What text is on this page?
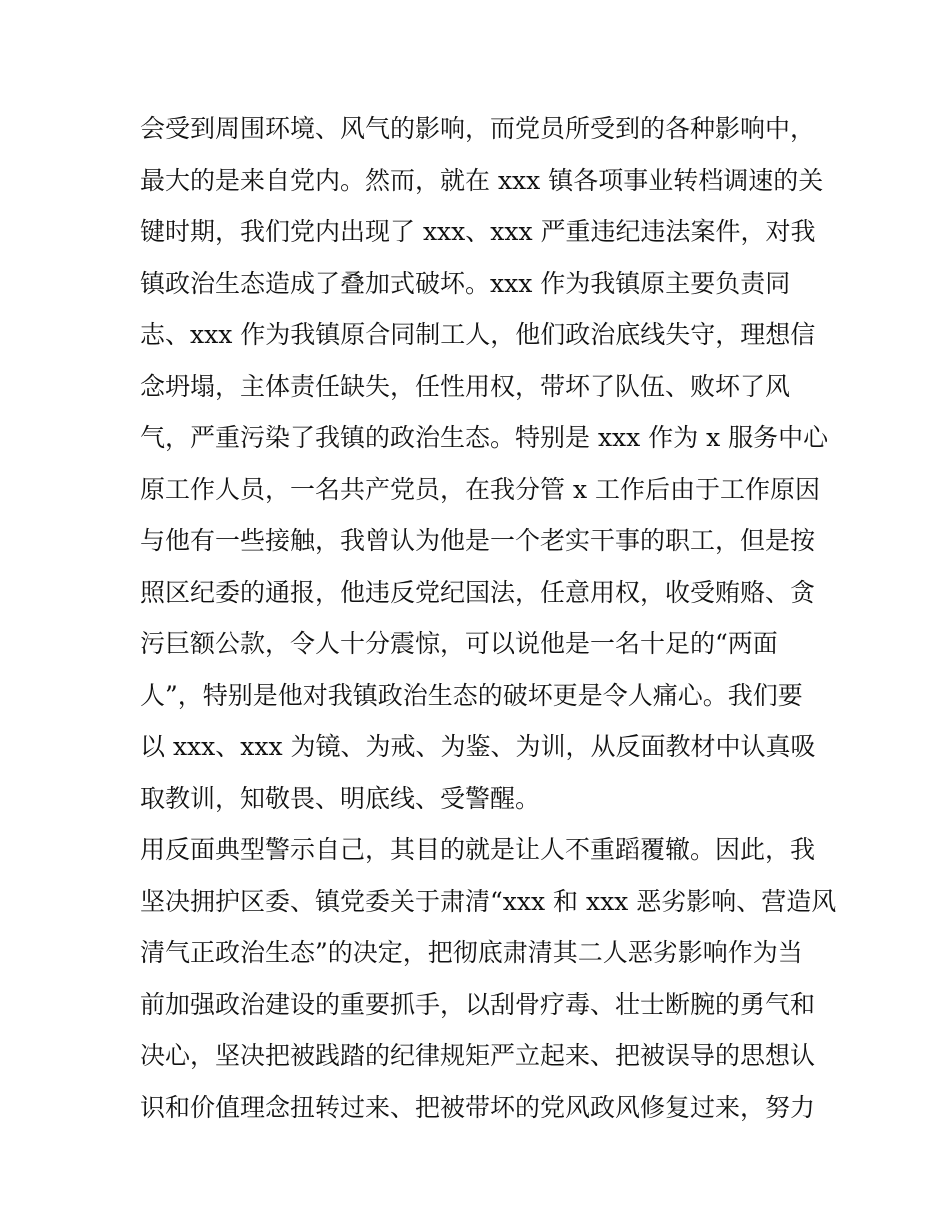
会受到周围环境、风气的影响，而党员所受到的各种影响中，
最大的是来自党内。然而，就在 xxx 镇各项事业转档调速的关
键时期，我们党内出现了 xxx、xxx 严重违纪违法案件，对我
镇政治生态造成了叠加式破坏。xxx 作为我镇原主要负责同
志、xxx 作为我镇原合同制工人，他们政治底线失守，理想信
念坍塌，主体责任缺失，任性用权，带坏了队伍、败坏了风
气，严重污染了我镇的政治生态。特别是 xxx 作为 x 服务中心
原工作人员，一名共产党员，在我分管 x 工作后由于工作原因
与他有一些接触，我曾认为他是一个老实干事的职工，但是按
照区纪委的通报，他违反党纪国法，任意用权，收受贿赂、贪
污巨额公款，令人十分震惊，可以说他是一名十足的“两面
人”，特别是他对我镇政治生态的破坏更是令人痛心。我们要
以 xxx、xxx 为镜、为戒、为鉴、为训，从反面教材中认真吸
取教训，知敬畏、明底线、受警醒。
用反面典型警示自己，其目的就是让人不重蹈覆辙。因此，我
坚决拥护区委、镇党委关于肃清“xxx 和 xxx 恶劣影响、营造风
清气正政治生态”的决定，把彻底肃清其二人恶劣影响作为当
前加强政治建设的重要抓手，以刮骨疗毒、壮士断腕的勇气和
决心，坚决把被践踏的纪律规矩严立起来、把被误导的思想认
识和价值理念扭转过来、把被带坏的党风政风修复过来，努力
